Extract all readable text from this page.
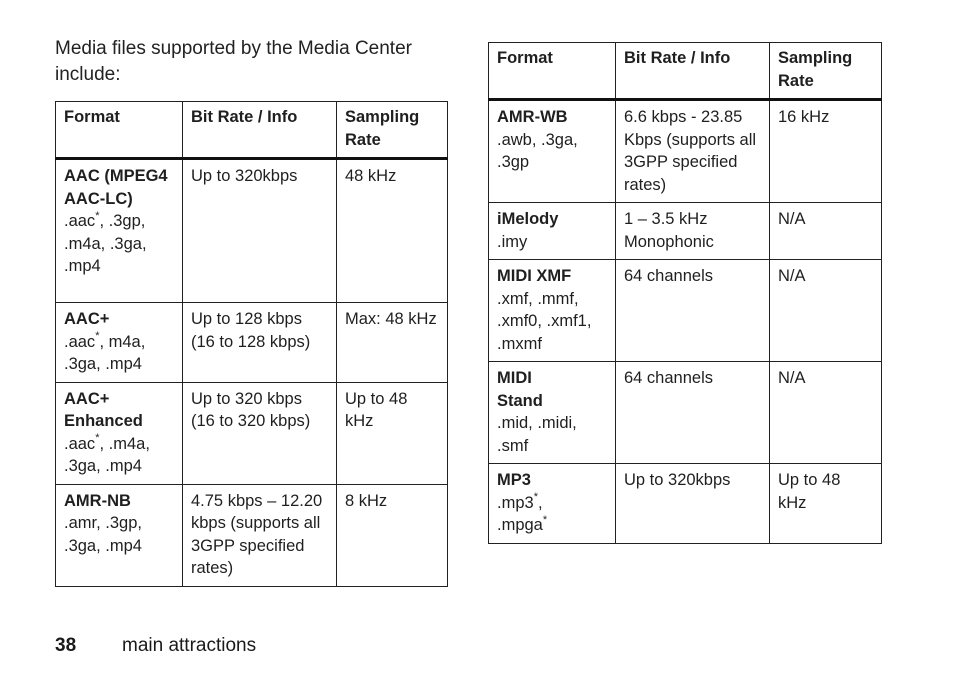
Media files supported by the Media Center include:
Format	Bit Rate / Info	Sampling Rate

AAC (MPEG4 AAC-LC)
.aac*, .3gp, .m4a, .3ga, .mp4	Up to 320kbps	48 kHz

AAC+
.aac*, m4a, .3ga, .mp4	Up to 128 kbps (16 to 128 kbps)	Max: 48 kHz

AAC+ Enhanced
.aac*, .m4a, .3ga, .mp4	Up to 320 kbps (16 to 320 kbps)	Up to 48 kHz

AMR-NB
.amr, .3gp, .3ga, .mp4	4.75 kbps – 12.20 kbps (supports all 3GPP specified rates)	8 kHz
Format	Bit Rate / Info	Sampling Rate

AMR-WB
.awb, .3ga, .3gp	6.6 kbps - 23.85 Kbps (supports all 3GPP specified rates)	16 kHz

iMelody
.imy	1 – 3.5 kHz Monophonic	N/A

MIDI XMF
.xmf, .mmf, .xmf0, .xmf1, .mxmf	64 channels	N/A

MIDI Stand
.mid, .midi, .smf	64 channels	N/A

MP3
.mp3*,
.mpga*	Up to 320kbps	Up to 48 kHz
38 main attractions
